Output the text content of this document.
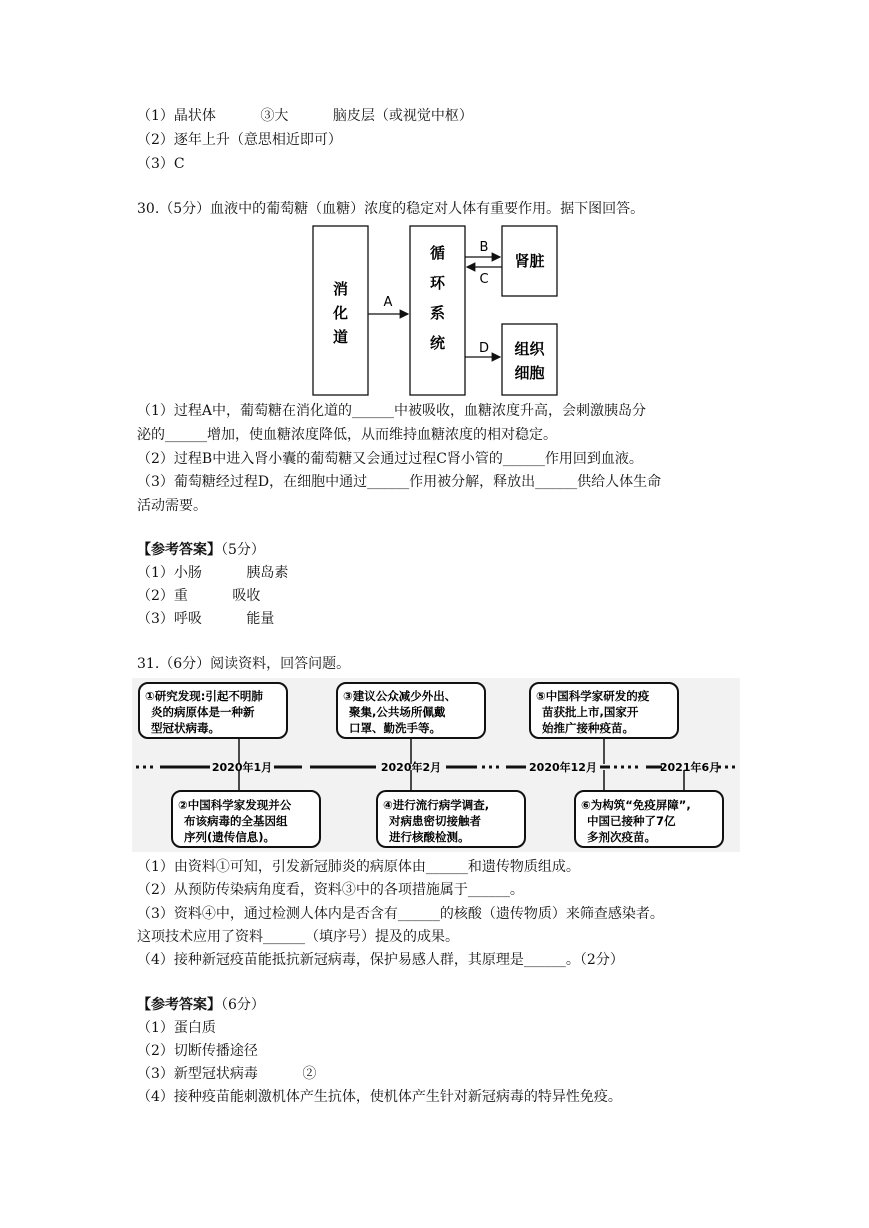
（1）晶状体          ③大          脑皮层（或视觉中枢）
（2）逐年上升（意思相近即可）
（3）C
30.（5分）血液中的葡萄糖（血糖）浓度的稳定对人体有重要作用。据下图回答。
消
化
道
循
环
系
统
肾脏
组织
细胞
A
B
C
D
（1）过程A中，葡萄糖在消化道的______中被吸收，血糖浓度升高，会刺激胰岛分
泌的______增加，使血糖浓度降低，从而维持血糖浓度的相对稳定。
（2）过程B中进入肾小囊的葡萄糖又会通过过程C肾小管的______作用回到血液。
（3）葡萄糖经过程D，在细胞中通过______作用被分解，释放出______供给人体生命
活动需要。
【参考答案】（5分）
（1）小肠          胰岛素
（2）重          吸收
（3）呼吸          能量
31.（6分）阅读资料，回答问题。
2020年1月	2020年2月	2020年12月	2021年6月
①研究发现:引起不明肺
炎的病原体是一种新
型冠状病毒。
③建议公众减少外出、
聚集,公共场所佩戴
口罩、勤洗手等。
⑤中国科学家研发的疫
苗获批上市,国家开
始推广接种疫苗。
②中国科学家发现并公
布该病毒的全基因组
序列(遗传信息)。
④进行流行病学调查,
对病患密切接触者
进行核酸检测。
⑥为构筑“免疫屏障”,
中国已接种了7亿
多剂次疫苗。
（1）由资料①可知，引发新冠肺炎的病原体由______和遗传物质组成。
（2）从预防传染病角度看，资料③中的各项措施属于______。
（3）资料④中，通过检测人体内是否含有______的核酸（遗传物质）来筛查感染者。
这项技术应用了资料______（填序号）提及的成果。
（4）接种新冠疫苗能抵抗新冠病毒，保护易感人群，其原理是______。（2分）
【参考答案】（6分）
（1）蛋白质
（2）切断传播途径
（3）新型冠状病毒          ②
（4）接种疫苗能刺激机体产生抗体，使机体产生针对新冠病毒的特异性免疫。
